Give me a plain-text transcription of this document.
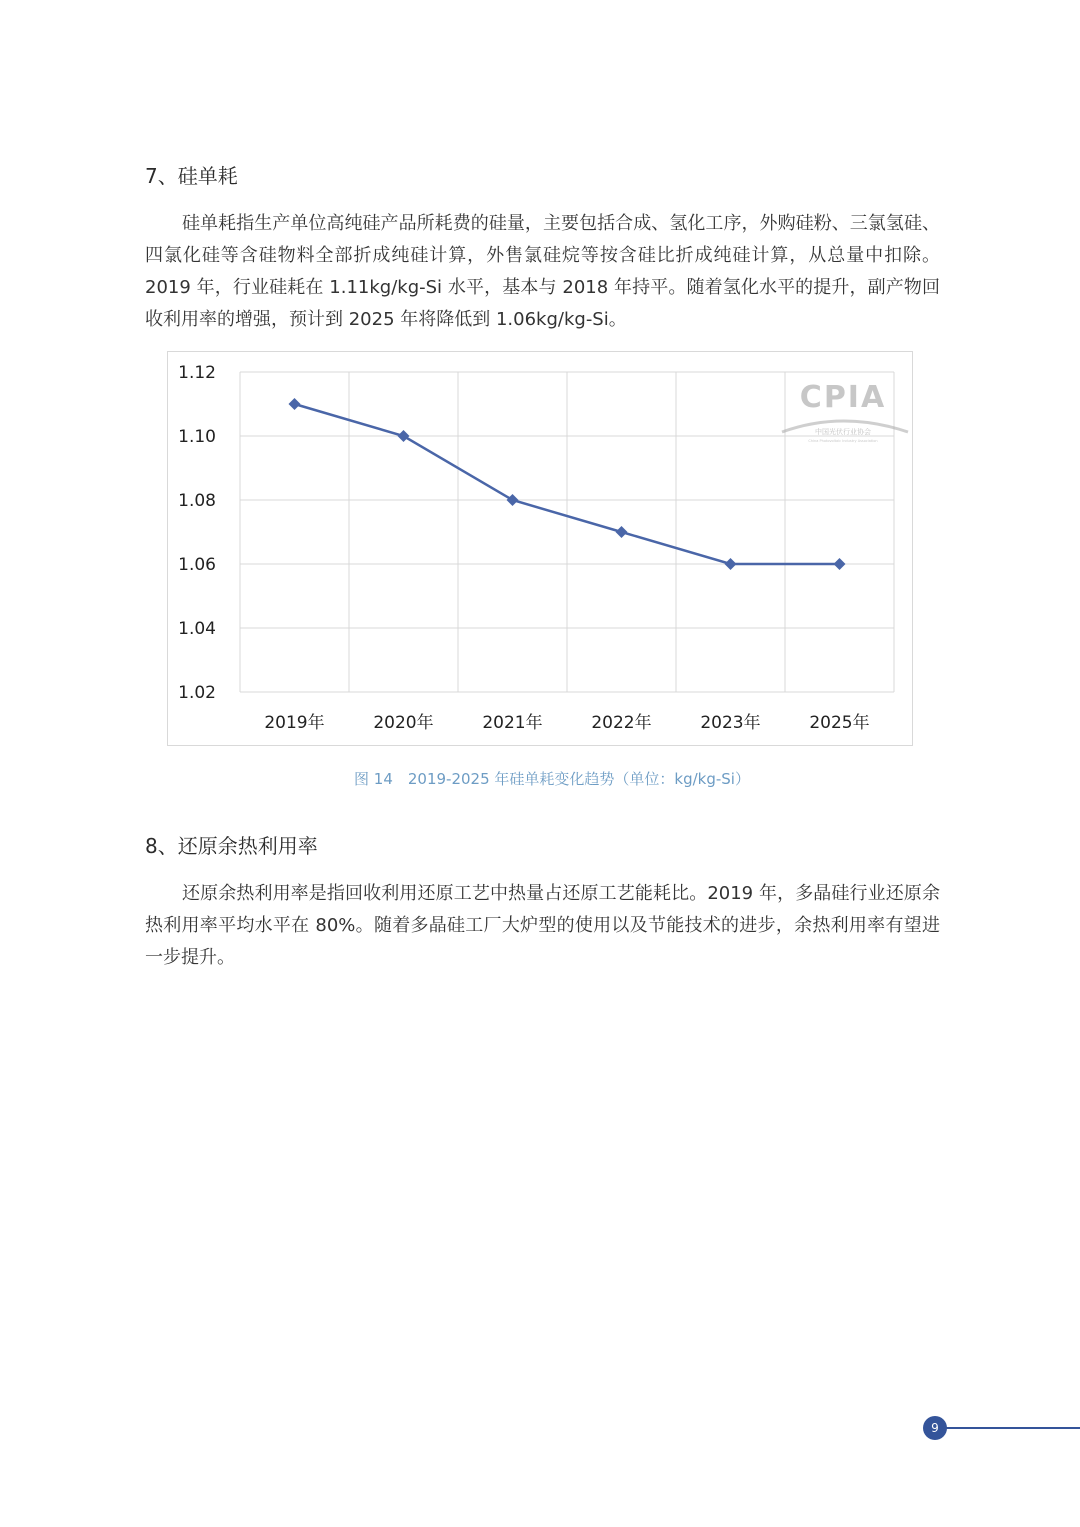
7、硅单耗

硅单耗指生产单位高纯硅产品所耗费的硅量，主要包括合成、氢化工序，外购硅粉、三氯氢硅、四氯化硅等含硅物料全部折成纯硅计算，外售氯硅烷等按含硅比折成纯硅计算，从总量中扣除。2019 年，行业硅耗在 1.11kg/kg-Si 水平，基本与 2018 年持平。随着氢化水平的提升，副产物回收利用率的增强，预计到 2025 年将降低到 1.06kg/kg-Si。

CPIA
中国光伏行业协会
China Photovoltaic Industry Association
1.12
1.10
1.08
1.06
1.04
1.02
2019年	2020年	2021年	2022年	2023年	2025年
图 14　2019-2025 年硅单耗变化趋势（单位：kg/kg-Si）
8、还原余热利用率

还原余热利用率是指回收利用还原工艺中热量占还原工艺能耗比。2019 年，多晶硅行业还原余热利用率平均水平在 80%。随着多晶硅工厂大炉型的使用以及节能技术的进步，余热利用率有望进一步提升。

9
